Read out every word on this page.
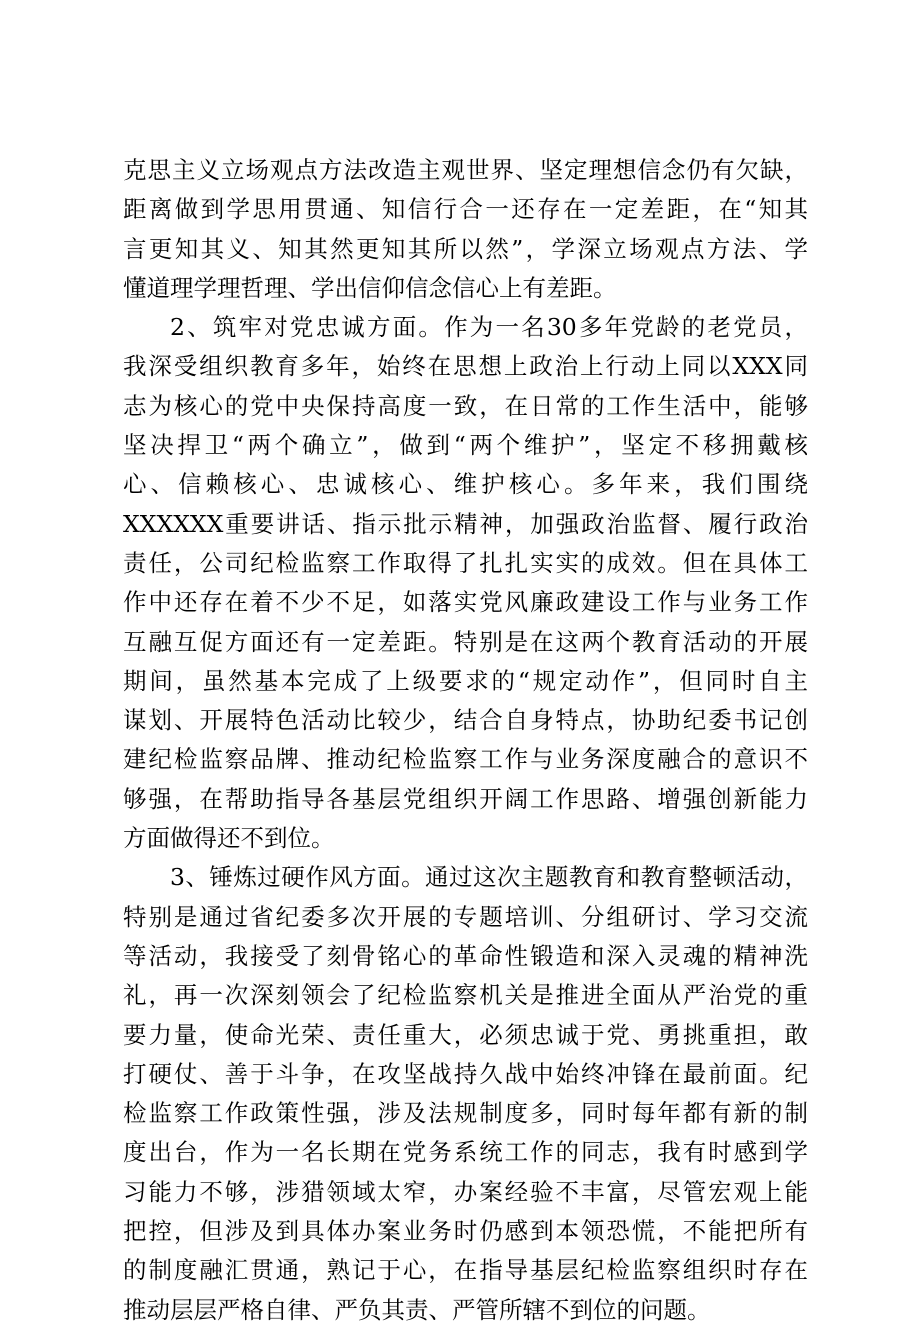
克思主义立场观点方法改造主观世界、坚定理想信念仍有欠缺，
距离做到学思用贯通、知信行合一还存在一定差距，在“知其
言更知其义、知其然更知其所以然”，学深立场观点方法、学
懂道理学理哲理、学出信仰信念信心上有差距。
2、筑牢对党忠诚方面。作为一名30多年党龄的老党员，
我深受组织教育多年，始终在思想上政治上行动上同以XXX同
志为核心的党中央保持高度一致，在日常的工作生活中，能够
坚决捍卫“两个确立”，做到“两个维护”，坚定不移拥戴核
心、信赖核心、忠诚核心、维护核心。多年来，我们围绕
XXXXXX重要讲话、指示批示精神，加强政治监督、履行政治
责任，公司纪检监察工作取得了扎扎实实的成效。但在具体工
作中还存在着不少不足，如落实党风廉政建设工作与业务工作
互融互促方面还有一定差距。特别是在这两个教育活动的开展
期间，虽然基本完成了上级要求的“规定动作”，但同时自主
谋划、开展特色活动比较少，结合自身特点，协助纪委书记创
建纪检监察品牌、推动纪检监察工作与业务深度融合的意识不
够强，在帮助指导各基层党组织开阔工作思路、增强创新能力
方面做得还不到位。
3、锤炼过硬作风方面。通过这次主题教育和教育整顿活动，
特别是通过省纪委多次开展的专题培训、分组研讨、学习交流
等活动，我接受了刻骨铭心的革命性锻造和深入灵魂的精神洗
礼，再一次深刻领会了纪检监察机关是推进全面从严治党的重
要力量，使命光荣、责任重大，必须忠诚于党、勇挑重担，敢
打硬仗、善于斗争，在攻坚战持久战中始终冲锋在最前面。纪
检监察工作政策性强，涉及法规制度多，同时每年都有新的制
度出台，作为一名长期在党务系统工作的同志，我有时感到学
习能力不够，涉猎领域太窄，办案经验不丰富，尽管宏观上能
把控，但涉及到具体办案业务时仍感到本领恐慌，不能把所有
的制度融汇贯通，熟记于心，在指导基层纪检监察组织时存在
推动层层严格自律、严负其责、严管所辖不到位的问题。
